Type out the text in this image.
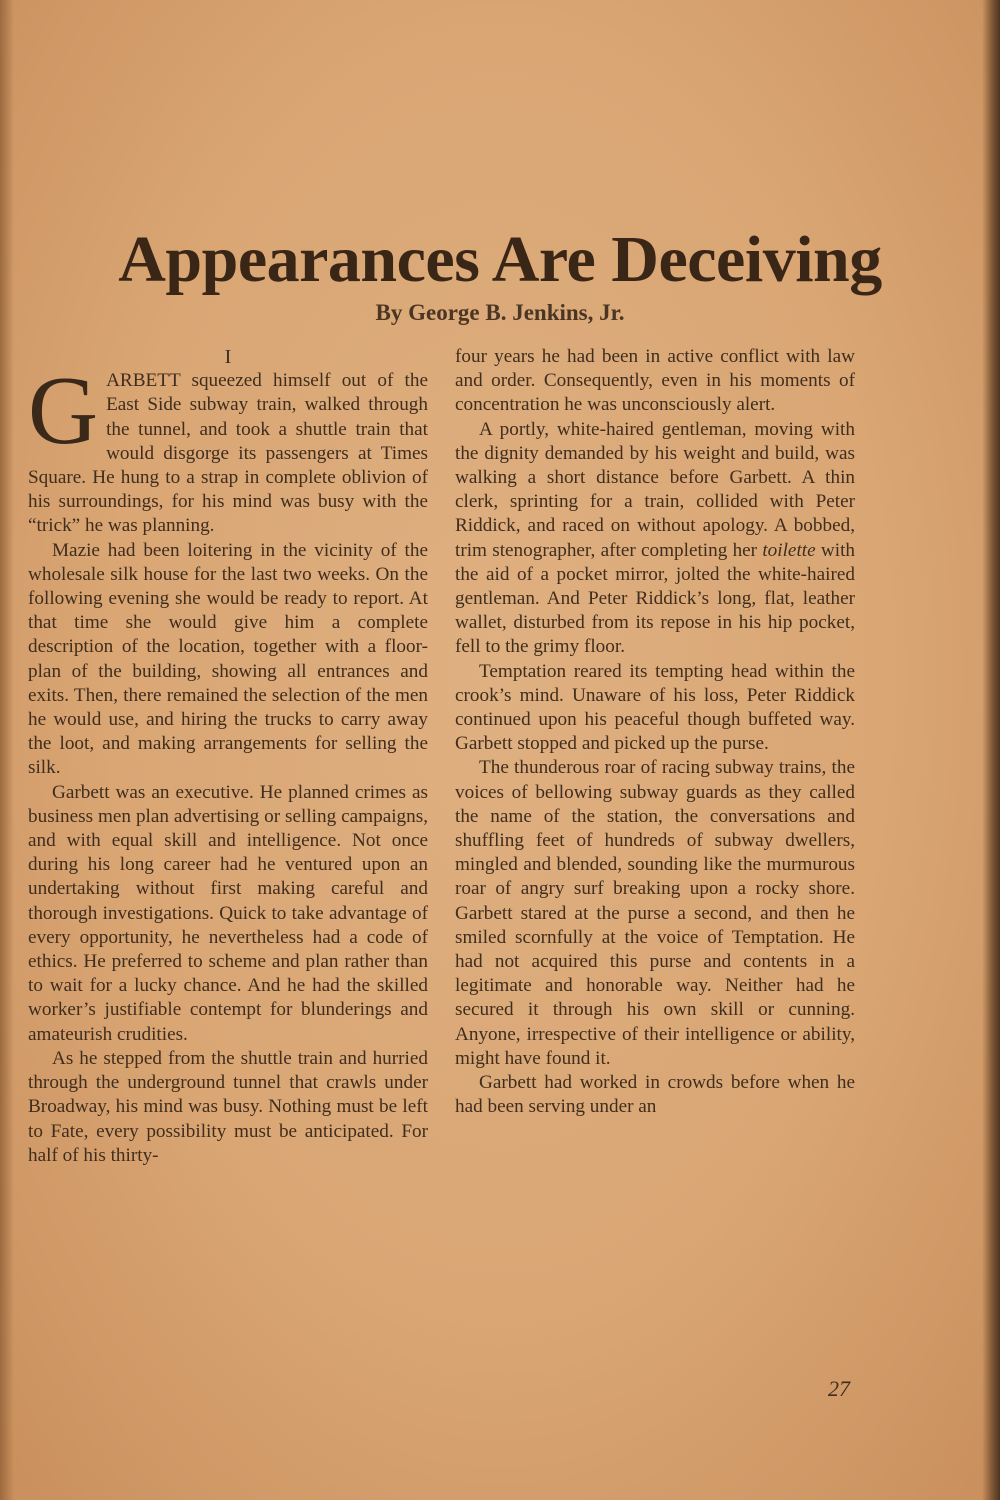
Appearances Are Deceiving
By George B. Jenkins, Jr.

I

GARBETT squeezed himself out of the East Side subway train, walked through the tunnel, and took a shuttle train that would disgorge its passengers at Times Square. He hung to a strap in complete oblivion of his surroundings, for his mind was busy with the “trick” he was planning.

Mazie had been loitering in the vicinity of the wholesale silk house for the last two weeks. On the following evening she would be ready to report. At that time she would give him a complete description of the location, together with a floor-plan of the building, showing all entrances and exits. Then, there remained the selection of the men he would use, and hiring the trucks to carry away the loot, and making arrangements for selling the silk.

Garbett was an executive. He planned crimes as business men plan advertising or selling campaigns, and with equal skill and intelligence. Not once during his long career had he ventured upon an undertaking without first making careful and thorough investigations. Quick to take advantage of every opportunity, he nevertheless had a code of ethics. He preferred to scheme and plan rather than to wait for a lucky chance. And he had the skilled worker’s justifiable contempt for blunderings and amateurish crudities.

As he stepped from the shuttle train and hurried through the underground tunnel that crawls under Broadway, his mind was busy. Nothing must be left to Fate, every possibility must be anticipated. For half of his thirty-

four years he had been in active conflict with law and order. Consequently, even in his moments of concentration he was unconsciously alert.

A portly, white-haired gentleman, moving with the dignity demanded by his weight and build, was walking a short distance before Garbett. A thin clerk, sprinting for a train, collided with Peter Riddick, and raced on without apology. A bobbed, trim stenographer, after completing her toilette with the aid of a pocket mirror, jolted the white-haired gentleman. And Peter Riddick’s long, flat, leather wallet, disturbed from its repose in his hip pocket, fell to the grimy floor.

Temptation reared its tempting head within the crook’s mind. Unaware of his loss, Peter Riddick continued upon his peaceful though buffeted way. Garbett stopped and picked up the purse.

The thunderous roar of racing subway trains, the voices of bellowing subway guards as they called the name of the station, the conversations and shuffling feet of hundreds of subway dwellers, mingled and blended, sounding like the murmurous roar of angry surf breaking upon a rocky shore. Garbett stared at the purse a second, and then he smiled scornfully at the voice of Temptation. He had not acquired this purse and contents in a legitimate and honorable way. Neither had he secured it through his own skill or cunning. Anyone, irrespective of their intelligence or ability, might have found it.

Garbett had worked in crowds before when he had been serving under an

27
